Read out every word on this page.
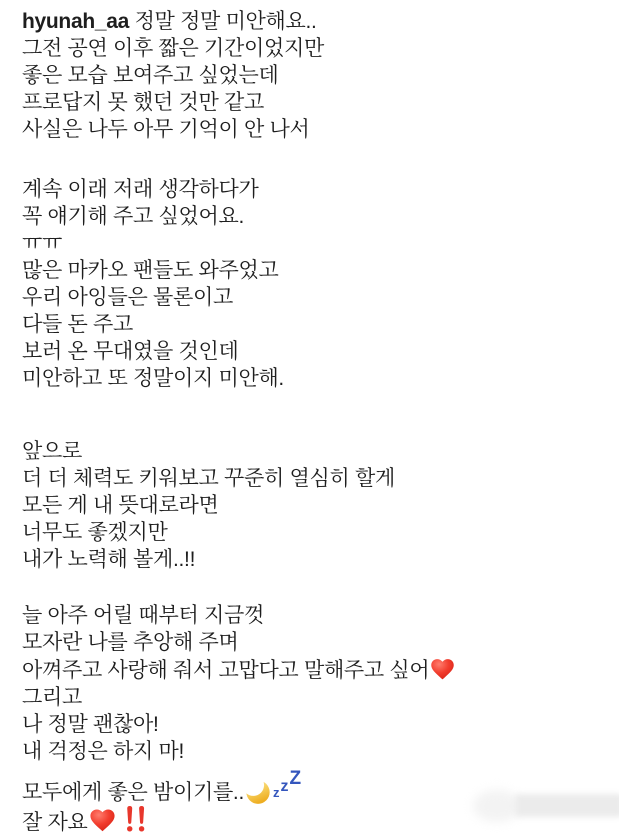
hyunah_aa 정말 정말 미안해요..
그전 공연 이후 짧은 기간이었지만
좋은 모습 보여주고 싶었는데
프로답지 못 했던 것만 같고
사실은 나두 아무 기억이 안 나서
계속 이래 저래 생각하다가
꼭 얘기해 주고 싶었어요.
ㅠㅠ
많은 마카오 팬들도 와주었고
우리 아잉들은 물론이고
다들 돈 주고
보러 온 무대였을 것인데
미안하고 또 정말이지 미안해.
앞으로
더 더 체력도 키워보고 꾸준히 열심히 할게
모든 게 내 뜻대로라면
너무도 좋겠지만
내가 노력해 볼게..!!
늘 아주 어릴 때부터 지금껏
모자란 나를 추앙해 주며
아껴주고 사랑해 줘서 고맙다고 말해주고 싶어
그리고
나 정말 괜찮아!
내 걱정은 하지 마!
모두에게 좋은 밤이기를.. $z^zZ$
잘 자요
